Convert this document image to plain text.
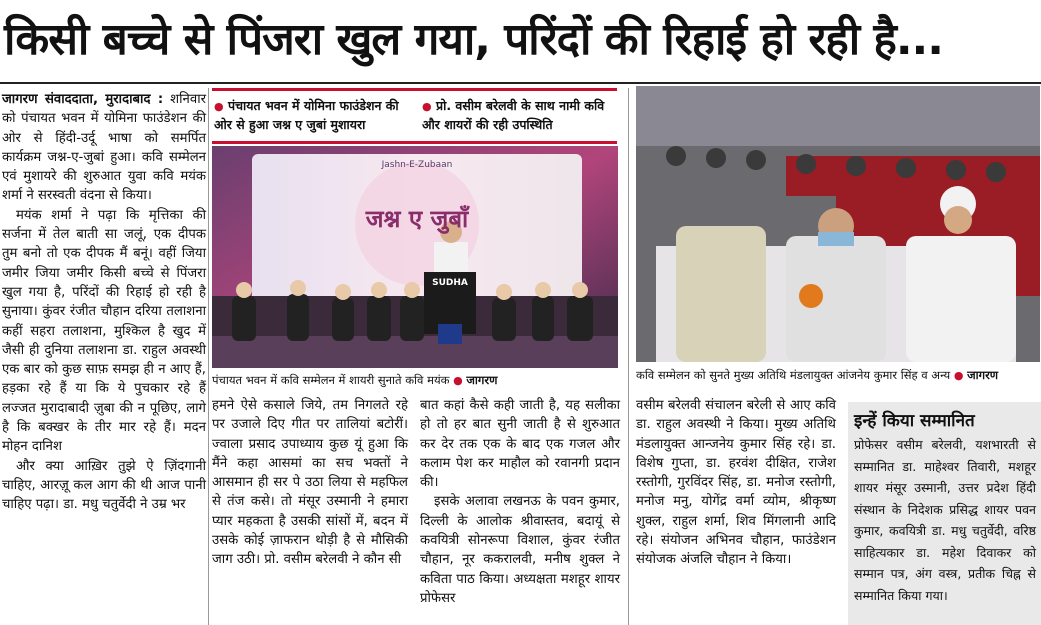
किसी बच्चे से पिंजरा खुल गया, परिंदों की रिहाई हो रही है...

जागरण संवाददाता, मुरादाबाद : शनिवार को पंचायत भवन में योमिना फाउंडेशन की ओर से हिंदी-उर्दू भाषा को समर्पित कार्यक्रम जश्न-ए-जुबां हुआ। कवि सम्मेलन एवं मुशायरे की शुरुआत युवा कवि मयंक शर्मा ने सरस्वती वंदना से किया।

मयंक शर्मा ने पढ़ा कि मृत्तिका की सर्जना में तेल बाती सा जलूं, एक दीपक तुम बनो तो एक दीपक मैं बनूं। वहीं जिया जमीर जिया जमीर किसी बच्चे से पिंजरा खुल गया है, परिंदों की रिहाई हो रही है सुनाया। कुंवर रंजीत चौहान दरिया तलाशना कहीं सहरा तलाशना, मुश्किल है खुद में जैसी ही दुनिया तलाशना डा. राहुल अवस्थी एक बार को कुछ साफ़ समझ ही न आए हैं, हड़का रहे हैं या कि ये पुचकार रहे हैं लज्जत मुरादाबादी ज़ुबा की न पूछिए, लागे है कि बक्खर के तीर मार रहे हैं। मदन मोहन दानिश

और क्या आख़िर तुझे ऐ ज़िंदगानी चाहिए, आरज़ू कल आग की थी आज पानी चाहिए पढ़ा। डा. मधु चतुर्वेदी ने उम्र भर

● पंचायत भवन में योमिना फाउंडेशन की ओर से हुआ जश्न ए जुबां मुशायरा
● प्रो. वसीम बरेलवी के साथ नामी कवि और शायरों की रही उपस्थिति
Jashn-E-Zubaan
जश्न ए जुबाँ
SUDHA
पंचायत भवन में कवि सम्मेलन में शायरी सुनाते कवि मयंक ● जागरण	कवि सम्मेलन को सुनते मुख्य अतिथि मंडलायुक्त आंजनेय कुमार सिंह व अन्य ● जागरण

हमने ऐसे कसाले जिये, तम निगलते रहे पर उजाले दिए गीत पर तालियां बटोरीं। ज्वाला प्रसाद उपाध्याय कुछ यूं हुआ कि मैंने कहा आसमां का सच भक्तों ने आसमान ही सर पे उठा लिया से महफिल से तंज कसे। तो मंसूर उस्मानी ने हमारा प्यार महकता है उसकी सांसों में, बदन में उसके कोई ज़ाफरान थोड़ी है से मौसिकी जाग उठी। प्रो. वसीम बरेलवी ने कौन सी

बात कहां कैसे कही जाती है, यह सलीका हो तो हर बात सुनी जाती है से शुरुआत कर देर तक एक के बाद एक गजल और कलाम पेश कर माहौल को रवानगी प्रदान की।

इसके अलावा लखनऊ के पवन कुमार, दिल्ली के आलोक श्रीवास्तव, बदायूं से कवयित्री सोनरूपा विशाल, कुंवर रंजीत चौहान, नूर ककरालवी, मनीष शुक्ल ने कविता पाठ किया। अध्यक्षता मशहूर शायर प्रोफेसर

वसीम बरेलवी संचालन बरेली से आए कवि डा. राहुल अवस्थी ने किया। मुख्य अतिथि मंडलायुक्त आन्जनेय कुमार सिंह रहे। डा. विशेष गुप्ता, डा. हरवंश दीक्षित, राजेश रस्तोगी, गुरविंदर सिंह, डा. मनोज रस्तोगी, मनोज मनु, योगेंद्र वर्मा व्योम, श्रीकृष्ण शुक्ल, राहुल शर्मा, शिव मिंगलानी आदि रहे। संयोजन अभिनव चौहान, फाउंडेशन संयोजक अंजलि चौहान ने किया।

इन्हें किया सम्मानित
प्रोफेसर वसीम बरेलवी, यशभारती से सम्मानित डा. माहेश्वर तिवारी, मशहूर शायर मंसूर उस्मानी, उत्तर प्रदेश हिंदी संस्थान के निदेशक प्रसिद्ध शायर पवन कुमार, कवयित्री डा. मधु चतुर्वेदी, वरिष्ठ साहित्यकार डा. महेश दिवाकर को सम्मान पत्र, अंग वस्त्र, प्रतीक चिह्न से सम्मानित किया गया।
